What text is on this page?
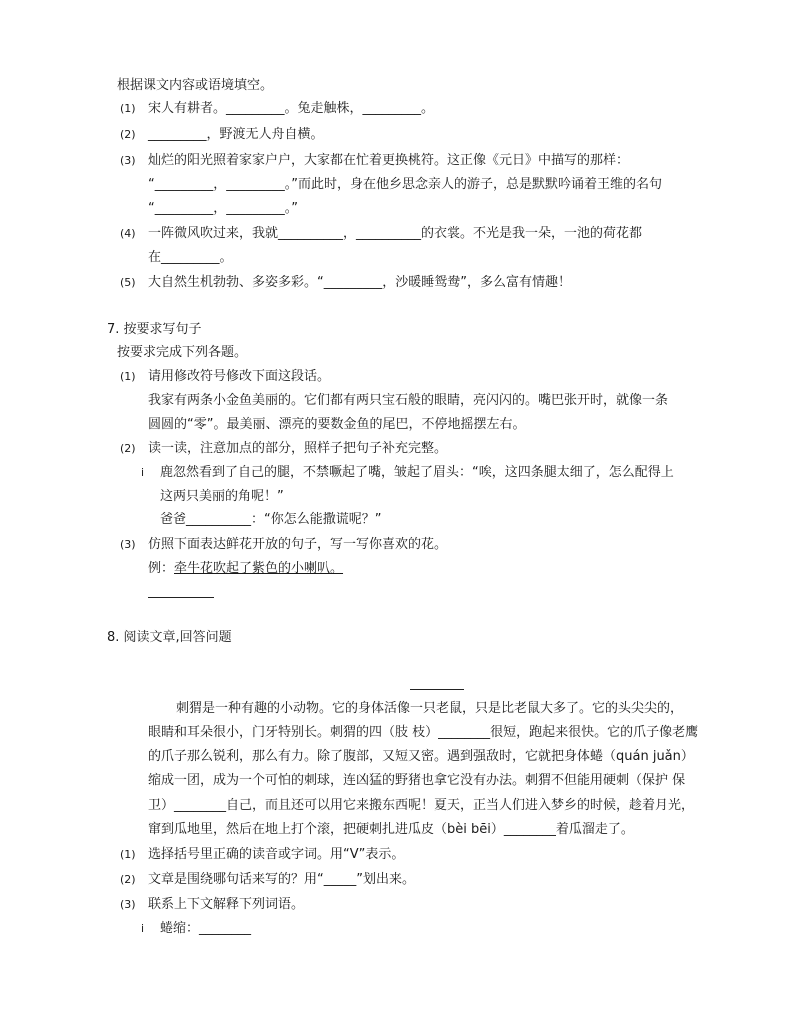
根据课文内容或语境填空。
(1) 宋人有耕者。_________。兔走触株，_________。
(2) _________，野渡无人舟自横。
(3) 灿烂的阳光照着家家户户，大家都在忙着更换桃符。这正像《元日》中描写的那样：
“_________，_________。”而此时，身在他乡思念亲人的游子，总是默默吟诵着王维的名句
“_________，_________。”
(4) 一阵微风吹过来，我就__________，__________的衣裳。不光是我一朵，一池的荷花都
在_________。
(5) 大自然生机勃勃、多姿多彩。“_________，沙暖睡鸳鸯”，多么富有情趣！
7. 按要求写句子
按要求完成下列各题。
(1) 请用修改符号修改下面这段话。
我家有两条小金鱼美丽的。它们都有两只宝石般的眼睛，亮闪闪的。嘴巴张开时，就像一条
圆圆的“零”。最美丽、漂亮的要数金鱼的尾巴，不停地摇摆左右。
(2) 读一读，注意加点的部分，照样子把句子补充完整。
i 鹿忽然看到了自己的腿，不禁噘起了嘴，皱起了眉头：“唉，这四条腿太细了，怎么配得上
这两只美丽的角呢！”
爸爸__________：“你怎么能撒谎呢？”
(3) 仿照下面表达鲜花开放的句子，写一写你喜欢的花。
例：牵牛花吹起了紫色的小喇叭。
8. 阅读文章,回答问题
刺猬是一种有趣的小动物。它的身体活像一只老鼠，只是比老鼠大多了。它的头尖尖的，
眼睛和耳朵很小，门牙特别长。刺猬的四（肢 枝）________很短，跑起来很快。它的爪子像老鹰
的爪子那么锐利，那么有力。除了腹部，又短又密。遇到强敌时，它就把身体蜷（quán juǎn）
缩成一团，成为一个可怕的刺球，连凶猛的野猪也拿它没有办法。刺猬不但能用硬刺（保护 保
卫）________自己，而且还可以用它来搬东西呢！夏天，正当人们进入梦乡的时候，趁着月光，
窜到瓜地里，然后在地上打个滚，把硬刺扎进瓜皮（bèi bēi）________着瓜溜走了。
(1) 选择括号里正确的读音或字词。用“V”表示。
(2) 文章是围绕哪句话来写的？用“_____”划出来。
(3) 联系上下文解释下列词语。
i 蜷缩：________
